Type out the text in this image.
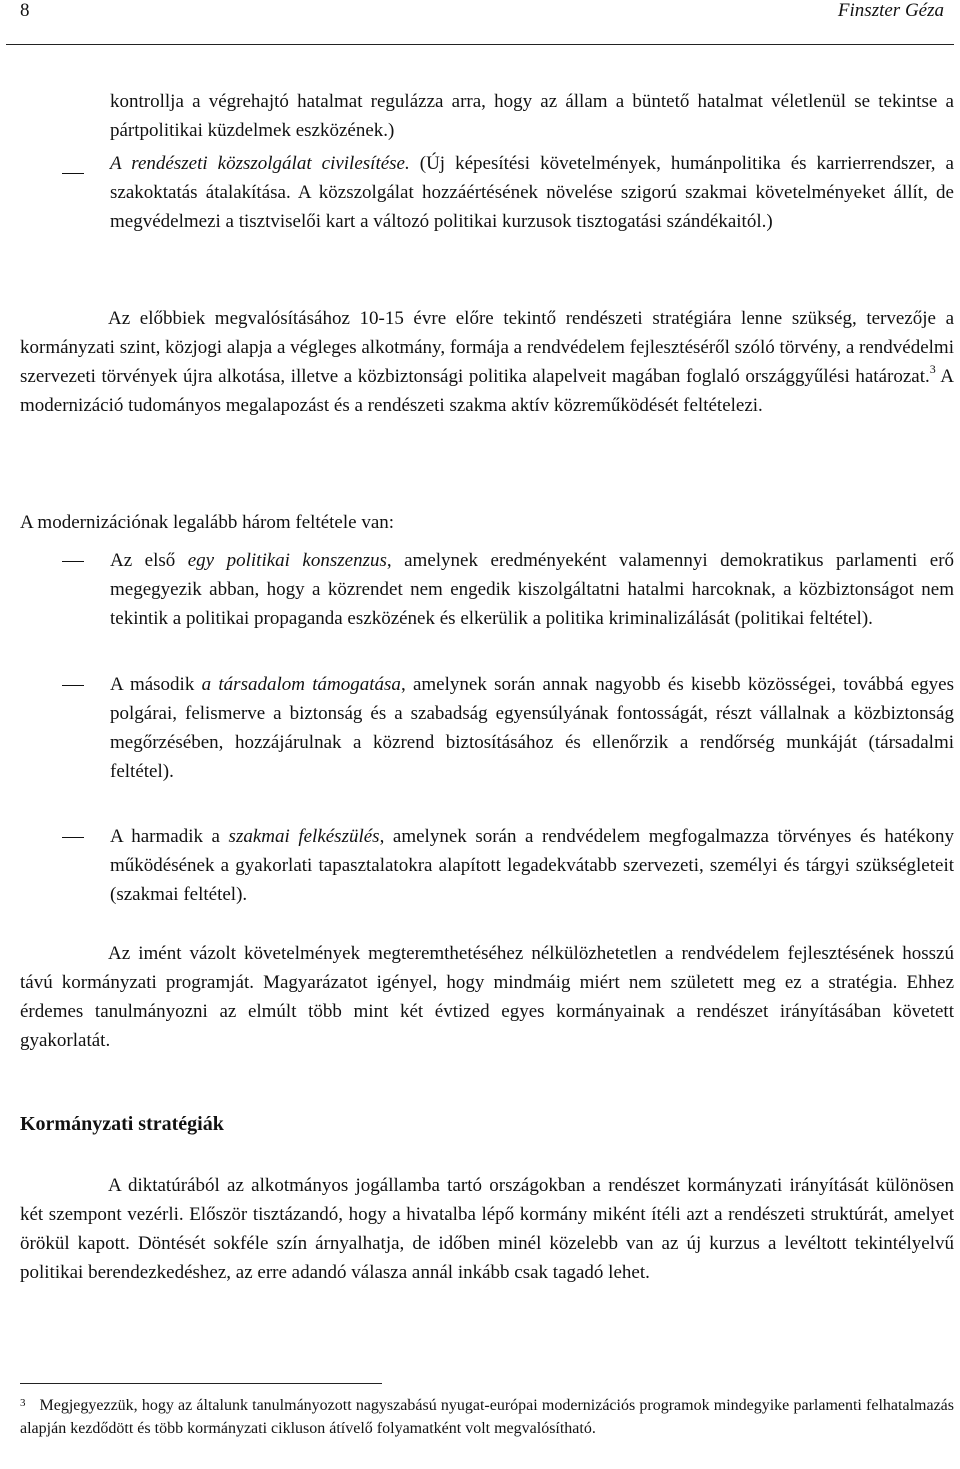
8	Finszter Géza

kontrollja a végrehajtó hatalmat regulázza arra, hogy az állam a büntető hatalmat véletlenül se tekintse a pártpolitikai küzdelmek eszközének.)

A rendészeti közszolgálat civilesítése. (Új képesítési követelmények, humánpolitika és karrierrendszer, a szakoktatás átalakítása. A közszolgálat hozzáértésének növelése szigorú szakmai követelményeket állít, de megvédelmezi a tisztviselői kart a változó politikai kurzusok tisztogatási szándékaitól.)

Az előbbiek megvalósításához 10-15 évre előre tekintő rendészeti stratégiára lenne szükség, tervezője a kormányzati szint, közjogi alapja a végleges alkotmány, formája a rendvédelem fejlesztéséről szóló törvény, a rendvédelmi szervezeti törvények újra alkotása, illetve a közbiztonsági politika alapelveit magában foglaló országgyűlési határozat.$^3$ A modernizáció tudományos megalapozást és a rendészeti szakma aktív közreműködését feltételezi.

A modernizációnak legalább három feltétele van:

Az első egy politikai konszenzus, amelynek eredményeként valamennyi demokratikus parlamenti erő megegyezik abban, hogy a közrendet nem engedik kiszolgáltatni hatalmi harcoknak, a közbiztonságot nem tekintik a politikai propaganda eszközének és elkerülik a politika kriminalizálását (politikai feltétel).

A második a társadalom támogatása, amelynek során annak nagyobb és kisebb közösségei, továbbá egyes polgárai, felismerve a biztonság és a szabadság egyensúlyának fontosságát, részt vállalnak a közbiztonság megőrzésében, hozzájárulnak a közrend biztosításához és ellenőrzik a rendőrség munkáját (társadalmi feltétel).

A harmadik a szakmai felkészülés, amelynek során a rendvédelem megfogalmazza törvényes és hatékony működésének a gyakorlati tapasztalatokra alapított legadekvátabb szervezeti, személyi és tárgyi szükségleteit (szakmai feltétel).

Az imént vázolt követelmények megteremthetéséhez nélkülözhetetlen a rendvédelem fejlesztésének hosszú távú kormányzati programját. Magyarázatot igényel, hogy mindmáig miért nem született meg ez a stratégia. Ehhez érdemes tanulmányozni az elmúlt több mint két évtized egyes kormányainak a rendészet irányításában követett gyakorlatát.

Kormányzati stratégiák

A diktatúrából az alkotmányos jogállamba tartó országokban a rendészet kormányzati irányítását különösen két szempont vezérli. Először tisztázandó, hogy a hivatalba lépő kormány miként ítéli azt a rendészeti struktúrát, amelyet örökül kapott. Döntését sokféle szín árnyalhatja, de időben minél közelebb van az új kurzus a levéltott tekintélyelvű politikai berendezkedéshez, az erre adandó válasza annál inkább csak tagadó lehet.

$^3$ Megjegyezzük, hogy az általunk tanulmányozott nagyszabású nyugat-európai modernizációs programok mindegyike parlamenti felhatalmazás alapján kezdődött és több kormányzati cikluson átívelő folyamatként volt megvalósítható.
